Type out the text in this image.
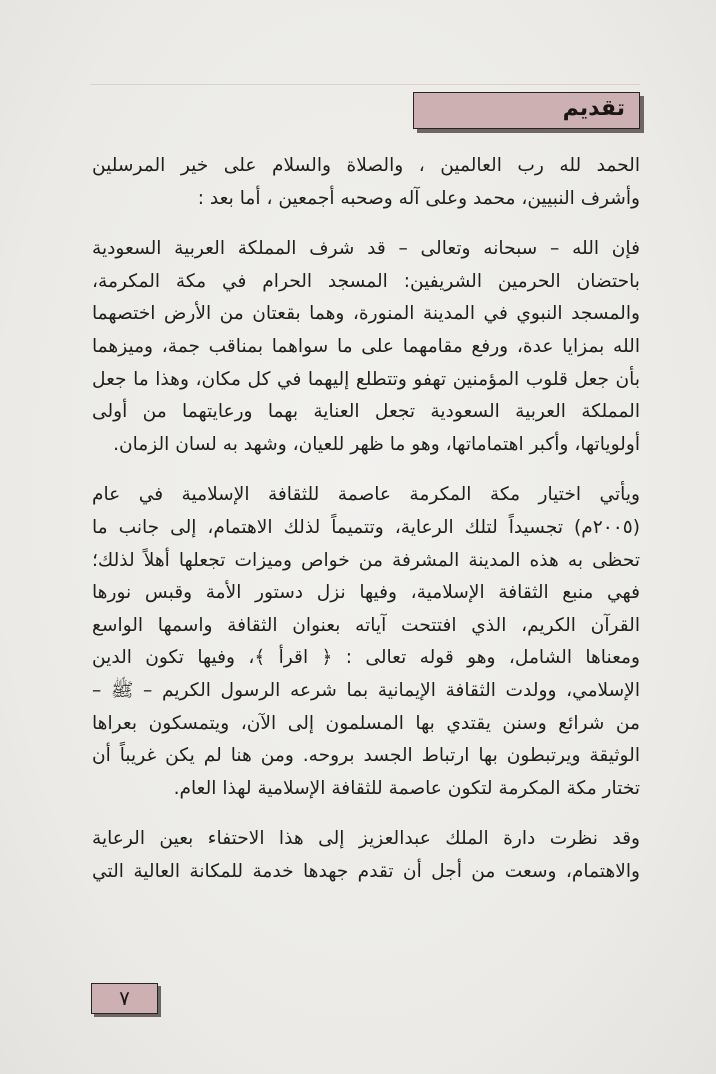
تقديم

الحمد لله رب العالمين ، والصلاة والسلام على خير المرسلين
وأشرف النبيين، محمد وعلى آله وصحبه أجمعين ، أما بعد :

فإن الله – سبحانه وتعالى – قد شرف المملكة العربية السعودية
باحتضان الحرمين الشريفين: المسجد الحرام في مكة المكرمة،
والمسجد النبوي في المدينة المنورة، وهما بقعتان من الأرض اختصهما
الله بمزايا عدة، ورفع مقامهما على ما سواهما بمناقب جمة، وميزهما
بأن جعل قلوب المؤمنين تهفو وتتطلع إليهما في كل مكان، وهذا ما جعل
المملكة العربية السعودية تجعل العناية بهما ورعايتهما من أولى
أولوياتها، وأكبر اهتماماتها، وهو ما ظهر للعيان، وشهد به لسان الزمان.

ويأتي اختيار مكة المكرمة عاصمة للثقافة الإسلامية في عام
(٢٠٠٥م) تجسيداً لتلك الرعاية، وتتميماً لذلك الاهتمام، إلى جانب ما
تحظى به هذه المدينة المشرفة من خواص وميزات تجعلها أهلاً لذلك؛
فهي منبع الثقافة الإسلامية، وفيها نزل دستور الأمة وقبس نورها
القرآن الكريم، الذي افتتحت آياته بعنوان الثقافة واسمها الواسع
ومعناها الشامل، وهو قوله تعالى : ﴿ اقرأ ﴾، وفيها تكون الدين
الإسلامي، وولدت الثقافة الإيمانية بما شرعه الرسول الكريم – ﷺ –
من شرائع وسنن يقتدي بها المسلمون إلى الآن، ويتمسكون بعراها
الوثيقة ويرتبطون بها ارتباط الجسد بروحه. ومن هنا لم يكن غريباً أن
تختار مكة المكرمة لتكون عاصمة للثقافة الإسلامية لهذا العام.

وقد نظرت دارة الملك عبدالعزيز إلى هذا الاحتفاء بعين الرعاية
والاهتمام، وسعت من أجل أن تقدم جهدها خدمة للمكانة العالية التي

٧
